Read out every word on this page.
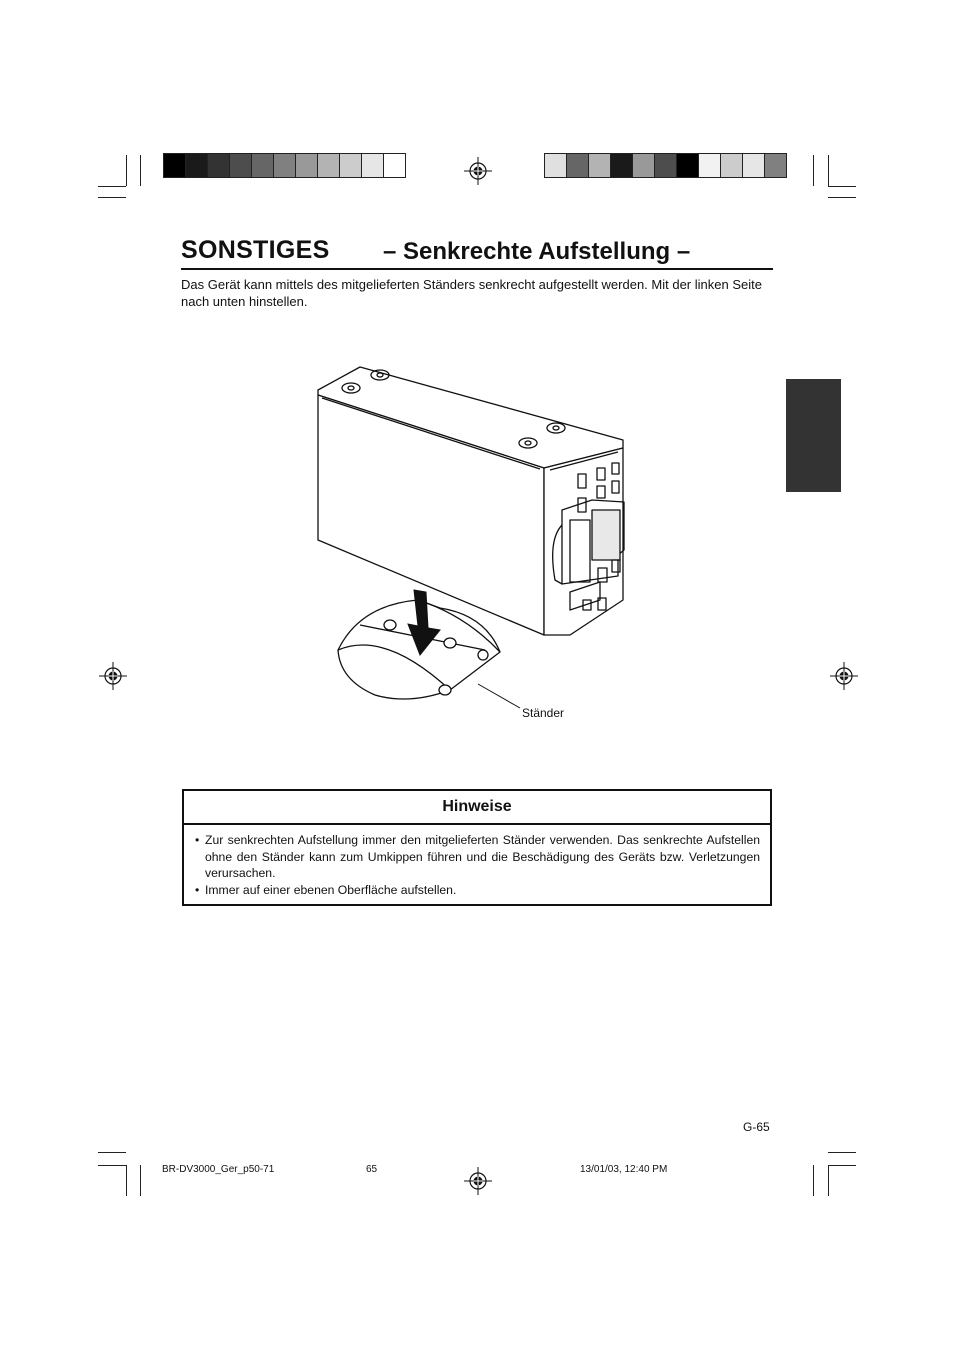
SONSTIGES – Senkrechte Aufstellung –
Das Gerät kann mittels des mitgelieferten Ständers senkrecht aufgestellt werden. Mit der linken Seite nach unten hinstellen.
Ständer
Hinweise
• Zur senkrechten Aufstellung immer den mitgelieferten Ständer verwenden. Das senkrechte Aufstellen ohne den Ständer kann zum Umkippen führen und die Beschädigung des Geräts bzw. Verletzungen verursachen.
• Immer auf einer ebenen Oberfläche aufstellen.
G-65
BR-DV3000_Ger_p50-71	65	13/01/03, 12:40 PM
